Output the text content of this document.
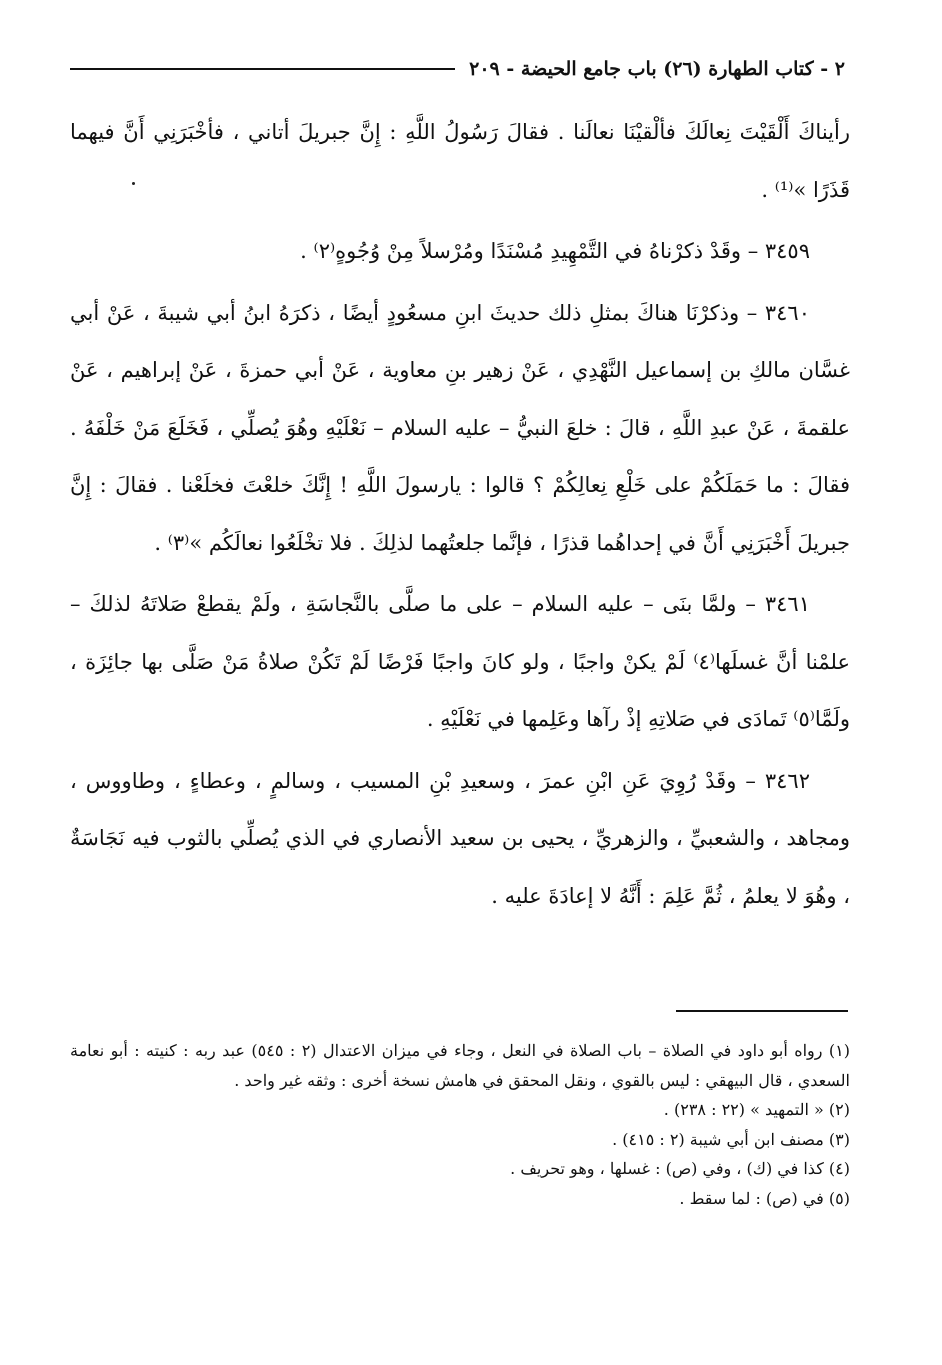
٢ - كتاب الطهارة (٢٦) باب جامع الحيضة - ٢٠٩

رأيناكَ أَلْقَيْتَ نِعالَكَ فألْقيْنَا نعالَنا . فقالَ رَسُولُ اللَّهِ : إِنَّ جبريلَ أتاني ، فأخْبَرَنِي أَنَّ فيهما قَذَرًا »⁽¹⁾ .

٣٤٥٩ – وقَدْ ذكرْناهُ في التَّمْهِيدِ مُسْنَدًا ومُرْسلاً مِنْ وُجُوهٍ⁽٢⁾ .

٣٤٦٠ – وذكرْنَا هناكَ بمثلِ ذلك حديثَ ابنِ مسعُودٍ أيضًا ، ذكرَهُ ابنُ أبي شيبةَ ، عَنْ أبي غسَّان مالكِ بن إسماعيل النَّهْدِي ، عَنْ زهير بنِ معاوية ، عَنْ أبي حمزةَ ، عَنْ إبراهيم ، عَنْ علقمةَ ، عَنْ عبدِ اللَّهِ ، قالَ : خلعَ النبيُّ – عليه السلام – نَعْلَيْهِ وهُوَ يُصلِّي ، فَخَلَعَ مَنْ خَلْفَهُ . فقالَ : ما حَمَلَكُمْ على خَلْعِ نِعالِكُمْ ؟ قالوا : يارسولَ اللَّهِ ! إِنَّكَ خلعْتَ فخلَعْنا . فقالَ : إِنَّ جبريلَ أَخْبَرَنِي أَنَّ في إحداهُما قذرًا ، فإنَّما جلعتُهما لذلِكَ . فلا تخْلَعُوا نعالَكُم »⁽٣⁾ .

٣٤٦١ – ولمَّا بنَى – عليه السلام – على ما صلَّى بالنَّجاسَةِ ، ولَمْ يقطعْ صَلاتَهُ لذلكَ – علمْنا أنَّ غسلَها⁽٤⁾ لَمْ يكنْ واجبًا ، ولو كانَ واجبًا فَرْضًا لَمْ تَكُنْ صلاةُ مَنْ صَلَّى بها جائِزَة ، ولَمَّا⁽٥⁾ تَمادَى في صَلاتِهِ إذْ رآها وعَلِمها في نَعْلَيْهِ .

٣٤٦٢ – وقَدْ رُوِيَ عَنِ ابْنِ عمرَ ، وسعيدِ بْنِ المسيب ، وسالمٍ ، وعطاءٍ ، وطاووس ، ومجاهد ، والشعبيِّ ، والزهريِّ ، يحيى بن سعيد الأنصاري في الذي يُصلِّي بالثوب فيه نَجَاسَةٌ ، وهُوَ لا يعلمُ ، ثُمَّ عَلِمَ : أَنَّهُ لا إعادَةَ عليه .

(١) رواه أبو داود في الصلاة – باب الصلاة في النعل ، وجاء في ميزان الاعتدال (٢ : ٥٤٥) عبد ربه : كنيته : أبو نعامة السعدي ، قال البيهقي : ليس بالقوي ، ونقل المحقق في هامش نسخة أخرى : وثقه غير واحد .

(٢) « التمهيد » (٢٢ : ٢٣٨) .

(٣) مصنف ابن أبي شيبة (٢ : ٤١٥) .

(٤) كذا في (ك) ، وفي (ص) : غسلها ، وهو تحريف .

(٥) في (ص) : لما سقط .
